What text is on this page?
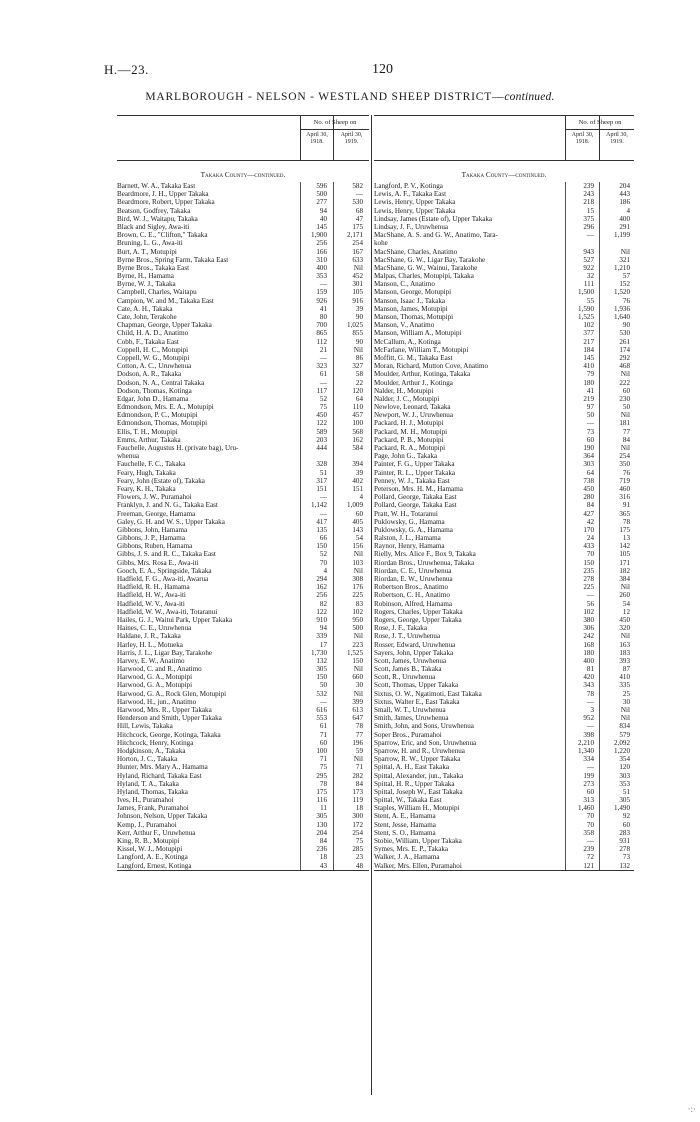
H.—23.	120
MARLBOROUGH - NELSON - WESTLAND SHEEP DISTRICT—continued.
No. of Sheep on
April 30, 1918.
April 30, 1919.
Takaka County—continued.
Barnett, W. A., Takaka East	596	582
Beardmore, J. H., Upper Takaka	500	—
Beardmore, Robert, Upper Takaka	277	530
Beatson, Godfrey, Takaka	94	68
Bird, W. J., Waitapu, Takaka	40	47
Black and Sigley, Awa-iti	145	175
Brown, C. E., "Clifton," Takaka	1,900	2,171
Bruning, L. G., Awa-iti	256	254
Burt, A. T., Motupipi	166	167
Byrne Bros., Spring Farm, Takaka East	310	633
Byrne Bros., Takaka East	400	Nil
Byrne, H., Hamama	353	452
Byrne, W. J., Takaka	—	301
Campbell, Charles, Waitapu	159	105
Campion, W. and M., Takaka East	926	916
Cate, A. H., Takaka	41	39
Cate, John, Terakohe	80	90
Chapman, George, Upper Takaka	700	1,025
Child, H. A. D., Anatimo	865	855
Cobb, F., Takaka East	112	90
Coppell, H. C., Motupipi	21	Nil
Coppell, W. G., Motupipi	—	86
Cotton, A. C., Uruwhenua	323	327
Dodson, A. R., Takaka	61	58
Dodson, N. A., Central Takaka	—	22
Dodson, Thomas, Kotinga	117	120
Edgar, John D., Hamama	52	64
Edmondson, Mrs. E. A., Motupipi	75	110
Edmondson, P. C., Motupipi	450	457
Edmondson, Thomas, Motupipi	122	100
Ellis, T. H., Motupipi	589	568
Emms, Arthur, Takaka	203	162
Fauchelle, Augustus H. (private bag), Uru-	444	584
whenua
Fauchelle, F. C., Takaka	328	394
Feary, Hugh, Takaka	51	39
Feary, John (Estate of), Takaka	317	402
Feary, K. H., Takaka	151	151
Flowers, J. W., Puramahoi	—	4
Franklyn, J. and N. G., Takaka East	1,142	1,009
Freeman, George, Hamama	—	60
Galey, G. H. and W. S., Upper Takaka	417	405
Gibbons, John, Hamama	135	143
Gibbons, J. P., Hamama	66	54
Gibbons, Ruben, Hamama	150	156
Gibbs, J. S. and R. C., Takaka East	52	Nil
Gibbs, Mrs. Rosa E., Awa-iti	70	103
Gooch, E. A., Springside, Takaka	4	Nil
Hadfield, F. G., Awa-iti, Awarua	294	308
Hadfield, R. H., Hamama	162	176
Hadfield, H. W., Awa-iti	256	225
Hadfield, W. V., Awa-iti	82	83
Hadfield, W. W., Awa-iti, Totaranui	122	102
Hailes, G. J., Waitui Park, Upper Takaka	910	950
Haines, C. E., Uruwhenua	94	500
Haldane, J. R., Takaka	339	Nil
Harley, H. L., Motueka	17	223
Harris, J. L., Ligar Bay, Tarakohe	1,730	1,525
Harvey, E. W., Anatimo	132	150
Harwood, C. and R., Anatimo	305	Nil
Harwood, G. A., Motupipi	150	660
Harwood, G. A., Motupipi	50	30
Harwood, G. A., Rock Glen, Motupipi	532	Nil
Harwood, H., jun., Anatimo	—	399
Harwood, Mrs. R., Upper Takaka	616	613
Henderson and Smith, Upper Takaka	553	647
Hill, Lewis, Takaka	61	78
Hitchcock, George, Kotinga, Takaka	71	77
Hitchcock, Henry, Kotinga	60	196
Hodgkinson, A., Takaka	100	59
Horton, J. C., Takaka	71	Nil
Hunter, Mrs. Mary A., Hamama	75	71
Hyland, Richard, Takaka East	295	282
Hyland, T. A., Takaka	78	84
Hyland, Thomas, Takaka	175	173
Ives, H., Puramahoi	116	119
James, Frank, Puramahoi	11	18
Johnson, Nelson, Upper Takaka	305	300
Kemp, J., Puramahoi	130	172
Kerr, Arthur F., Uruwhenua	204	254
King, R. B., Motupipi	84	75
Kissel, W. J., Motupipi	236	285
Langford, A. E., Kotinga	18	23
Langford, Ernest, Kotinga	43	48
No. of Sheep on
April 30, 1918.
April 30, 1919.
Takaka County—continued.
Langford, P. V., Kotinga	239	204
Lewis, A. F., Takaka East	243	443
Lewis, Henry, Upper Takaka	218	186
Lewis, Henry, Upper Takaka	15	4
Lindsay, James (Estate of), Upper Takaka	375	400
Lindsay, J. F., Uruwhenua	296	291
MacShane, A. S. and G. W., Anatimo, Tara-	—	1,199
kohe
MacShane, Charles, Anatimo	943	Nil
MacShane, G. W., Ligar Bay, Tarakohe	527	321
MacShane, G. W., Wainui, Tarakohe	922	1,210
Malpas, Charles, Motupipi, Takaka	32	57
Manson, C., Anatimo	111	152
Manson, George, Motupipi	1,500	1,520
Manson, Isaac J., Takaka	55	76
Manson, James, Motupipi	1,590	1,936
Manson, Thomas, Motupipi	1,525	1,640
Manson, V., Anatimo	102	90
Manson, William A., Motupipi	377	530
McCallum, A., Kotinga	217	261
McFarlane, William T., Motupipi	184	174
Moffitt, G. M., Takaka East	145	292
Moran, Richard, Mutton Cove, Anatimo	410	468
Moulder, Arthur, Kotinga, Takaka	79	Nil
Moulder, Arthur J., Kotinga	180	222
Nalder, H., Motupipi	41	60
Nalder, J. C., Motupipi	219	230
Newlove, Leonard, Takaka	97	50
Newport, W. J., Uruwhenua	50	Nil
Packard, H. J., Motupipi	—	181
Packard, M. H., Motupipi	73	77
Packard, P. B., Motupipi	60	84
Packard, R. A., Motupipi	190	Nil
Page, John G., Takaka	364	254
Painter, F. G., Upper Takaka	303	350
Painter, R. L., Upper Takaka	64	76
Penney, W. J., Takaka East	738	719
Peterson, Mrs. H. M., Hamama	450	460
Pollard, George, Takaka East	280	316
Pollard, George, Takaka East	84	91
Pratt, W. H., Totaranui	427	365
Puklowsky, G., Hamama	42	78
Puklowsky, G. A., Hamama	170	175
Ralston, J. L., Hamama	24	13
Raynor, Henry, Hamama	433	142
Rielly, Mrs. Alice F., Box 9, Takaka	70	105
Riordan Bros., Uruwhenua, Takaka	150	171
Riordan, C. E., Uruwhenua	235	182
Riordan, E. W., Uruwhenua	278	384
Robertson Bros., Anatimo	225	Nil
Robertson, C. H., Anatimo	—	260
Robinson, Alfred, Hamama	56	54
Rogers, Charles, Upper Takaka	102	12
Rogers, George, Upper Takaka	380	450
Rose, J. F., Takaka	306	320
Rose, J. T., Uruwhenua	242	Nil
Rosser, Edward, Uruwhenua	168	163
Sayers, John, Upper Takaka	180	183
Scott, James, Uruwhenua	400	393
Scott, James B., Takaka	81	87
Scott, R., Uruwhenua	420	410
Scott, Thomas, Upper Takaka	343	335
Sixtus, O. W., Ngatimoti, East Takaka	78	25
Sixtus, Walter E., East Takaka	—	30
Small, W. T., Uruwhenua	3	Nil
Smith, James, Uruwhenua	952	Nil
Smith, John, and Sons, Uruwhenua	—	834
Soper Bros., Puramahoi	398	579
Sparrow, Eric, and Son, Uruwhenua	2,210	2,092
Sparrow, H. and R., Uruwhenua	1,340	1,220
Sparrow, R. W., Upper Takaka	334	354
Spittal, A. H., East Takaka	—	120
Spittal, Alexander, jun., Takaka	199	303
Spittal, H. R., Upper Takaka	273	353
Spittal, Joseph W., East Takaka	60	51
Spittal, W., Takaka East	313	305
Staples, William H., Motupipi	1,460	1,490
Stent, A. E., Hamama	70	92
Stent, Jesse, Hamama	70	60
Stent, S. O., Hamama	358	283
Stobie, William, Upper Takaka	—	931
Symes, Mrs. E. P., Takaka	239	278
Walker, J. A., Hamama	72	73
Walker, Mrs. Ellen, Puramahoi	121	132
·:·
